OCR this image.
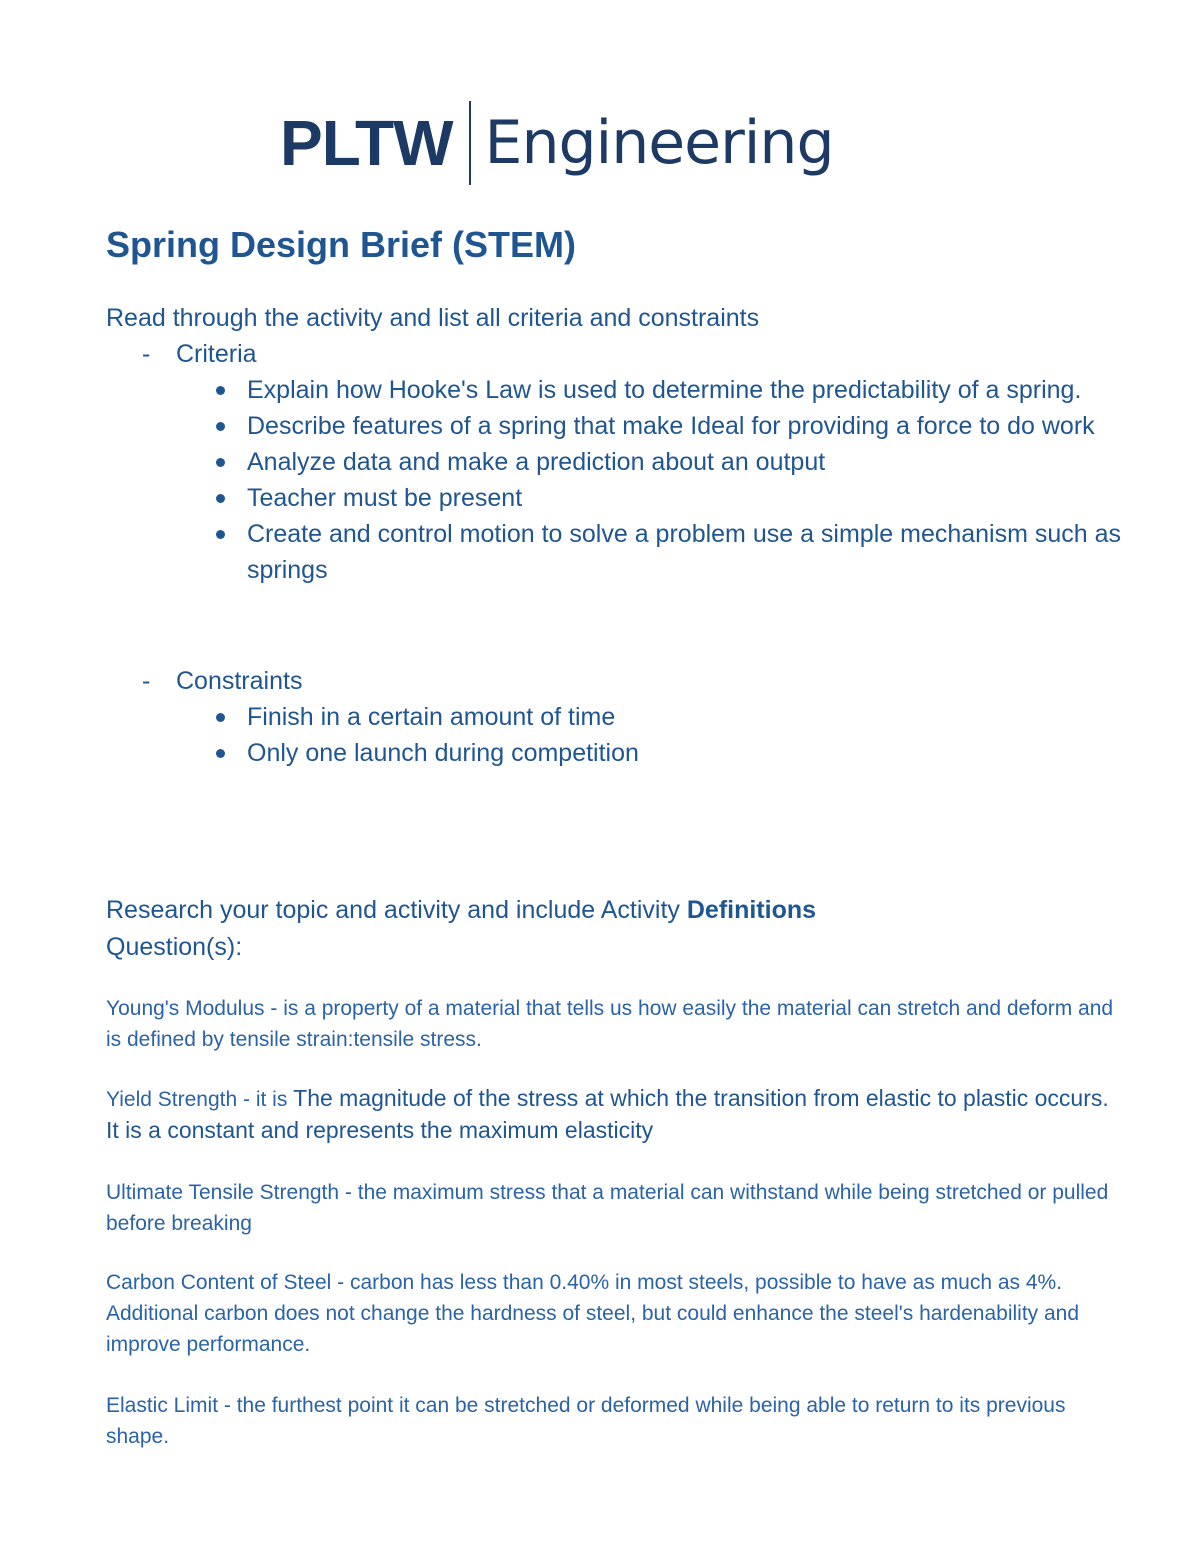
PLTW Engineering
Spring Design Brief (STEM)

Read through the activity and list all criteria and constraints

-	Criteria
Explain how Hooke's Law is used to determine the predictability of a spring.
Describe features of a spring that make Ideal for providing a force to do work
Analyze data and make a prediction about an output
Teacher must be present
Create and control motion to solve a problem use a simple mechanism such as springs
-	Constraints
Finish in a certain amount of time
Only one launch during competition

Research your topic and activity and include Activity Definitions
Question(s):

Young's Modulus - is a property of a material that tells us how easily the material can stretch and deform and is defined by tensile strain:tensile stress.

Yield Strength - it is The magnitude of the stress at which the transition from elastic to plastic occurs. It is a constant and represents the maximum elasticity

Ultimate Tensile Strength - the maximum stress that a material can withstand while being stretched or pulled before breaking

Carbon Content of Steel - carbon has less than 0.40% in most steels, possible to have as much as 4%. Additional carbon does not change the hardness of steel, but could enhance the steel's hardenability and improve performance.

Elastic Limit - the furthest point it can be stretched or deformed while being able to return to its previous shape.
